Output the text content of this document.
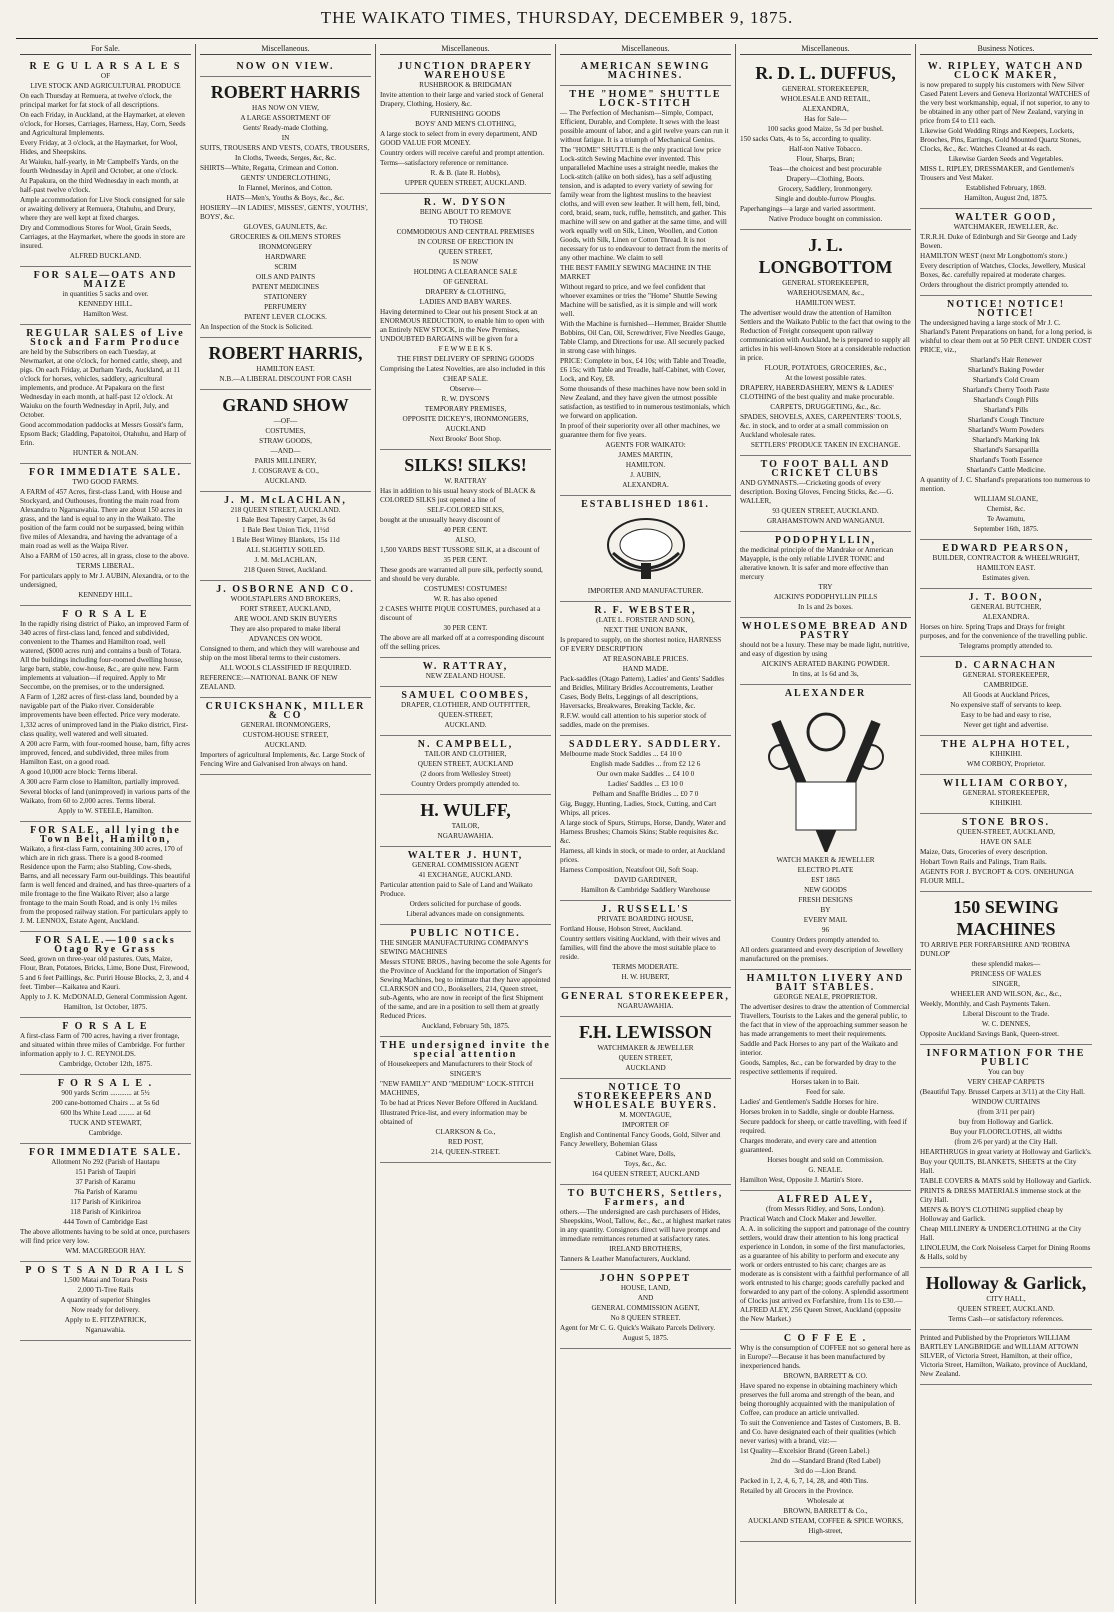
THE WAIKATO TIMES, THURSDAY, DECEMBER 9, 1875.
For Sale.

R E G U L A R S A L E S

OF

LIVE STOCK AND AGRICULTURAL PRODUCE

On each Thursday at Remuera, at twelve o'clock, the principal market for fat stock of all descriptions.

On each Friday, in Auckland, at the Haymarket, at eleven o'clock, for Horses, Carriages, Harness, Hay, Corn, Seeds and Agricultural Implements.

Every Friday, at 3 o'clock, at the Haymarket, for Wool, Hides, and Sheepskins.

At Waiuku, half-yearly, in Mr Campbell's Yards, on the fourth Wednesday in April and October, at one o'clock.

At Papakura, on the third Wednesday in each month, at half-past twelve o'clock.

Ample accommodation for Live Stock consigned for sale or awaiting delivery at Remuera, Otahuhu, and Drury, where they are well kept at fixed charges.

Dry and Commodious Stores for Wool, Grain Seeds, Carriages, at the Haymarket, where the goods in store are insured.

ALFRED BUCKLAND.

FOR SALE—OATS AND MAIZE

in quantities 5 sacks and over.

KENNEDY HILL.

Hamilton West.

REGULAR SALES of Live Stock and Farm Produce

are held by the Subscribers on each Tuesday, at Newmarket, at one o'clock, for horned cattle, sheep, and pigs. On each Friday, at Durham Yards, Auckland, at 11 o'clock for horses, vehicles, saddlery, agricultural implements, and produce. At Papakura on the first Wednesday in each month, at half-past 12 o'clock. At Waiuku on the fourth Wednesday in April, July, and October.

Good accommodation paddocks at Messrs Gossit's farm, Epsom Back; Gladding, Papatoitoi, Otahuhu, and Harp of Erin.

HUNTER & NOLAN.

FOR IMMEDIATE SALE.

TWO GOOD FARMS.

A FARM of 457 Acres, first-class Land, with House and Stockyard, and Outhouses, fronting the main road from Alexandra to Ngaruawahia. There are about 150 acres in grass, and the land is equal to any in the Waikato. The position of the farm could not be surpassed, being within five miles of Alexandra, and having the advantage of a main road as well as the Waipa River.

Also a FARM of 150 acres, all in grass, close to the above.

TERMS LIBERAL.

For particulars apply to Mr J. AUBIN, Alexandra, or to the undersigned,

KENNEDY HILL.

F O R S A L E

In the rapidly rising district of Piako, an improved Farm of 340 acres of first-class land, fenced and subdivided, convenient to the Thames and Hamilton road, well watered, ($000 acres run) and contains a bush of Totara. All the buildings including four-roomed dwelling house, large barn, stable, cow-house, &c., are quite new. Farm implements at valuation—if required. Apply to Mr Seccombe, on the premises, or to the undersigned.

A Farm of 1,282 acres of first-class land, bounded by a navigable part of the Piako river. Considerable improvements have been effected. Price very moderate.

1,332 acres of unimproved land in the Piako district, First-class quality, well watered and well situated.

A 200 acre Farm, with four-roomed house, barn, fifty acres improved, fenced, and subdivided, three miles from Hamilton East, on a good road.

A good 10,000 acre block: Terms liberal.

A 300 acre Farm close to Hamilton, partially improved.

Several blocks of land (unimproved) in various parts of the Waikato, from 60 to 2,000 acres. Terms liberal.

Apply to W. STEELE, Hamilton.

FOR SALE, all lying the Town Belt, Hamilton,

Waikato, a first-class Farm, containing 300 acres, 170 of which are in rich grass. There is a good 8-roomed Residence upon the Farm; also Stabling, Cow-sheds, Barns, and all necessary Farm out-buildings. This beautiful farm is well fenced and drained, and has three-quarters of a mile frontage to the fine Waikato River; also a large frontage to the main South Road, and is only 1½ miles from the proposed railway station. For particulars apply to J. M. LENNOX, Estate Agent, Auckland.

FOR SALE.—100 sacks Otago Rye Grass

Seed, grown on three-year old pastures. Oats, Maize, Flour, Bran, Potatoes, Bricks, Lime, Bone Dust, Firewood,

5 and 6 feet Paillings, &c. Puriri House Blocks, 2, 3, and 4 feet. Timber—Kaikatea and Kauri.

Apply to J. K. McDONALD, General Commission Agent.

Hamilton, 1st October, 1875.

F O R S A L E

A first-class Farm of 700 acres, having a river frontage, and situated within three miles of Cambridge. For further information apply to J. C. REYNOLDS.

Cambridge, October 12th, 1875.

F O R S A L E .

900 yards Scrim ............ at 5½

200 cane-bottomed Chairs ... at 5s 6d

600 lbs White Lead ......... at 6d

TUCK AND STEWART,

Cambridge.

FOR IMMEDIATE SALE.

Allotment No 292 (Parish of Hautapu

151 Parish of Taupiri

37 Parish of Karamu

76a Parish of Karamu

117 Parish of Kirikiriroa

118 Parish of Kirikiriroa

444 Town of Cambridge East

The above allotments having to be sold at once, purchasers will find price very low.

WM. MACGREGOR HAY.

P O S T S A N D R A I L S

1,500 Matai and Totara Posts

2,000 Ti-Tree Rails

A quantity of superior Shingles

Now ready for delivery.

Apply to E. FITZPATRICK,

Ngaruawahia.

Miscellaneous.

NOW ON VIEW.

ROBERT HARRIS

HAS NOW ON VIEW,

A LARGE ASSORTMENT OF

Gents' Ready-made Clothing,

IN

SUITS, TROUSERS AND VESTS, COATS, TROUSERS,

In Cloths, Tweeds, Serges, &c, &c.

SHIRTS—White, Regatta, Crimean and Cotton.

GENTS' UNDERCLOTHING,

In Flannel, Merinos, and Cotton.

HATS—Men's, Youths & Boys, &c., &c.

HOSIERY—IN LADIES', MISSES', GENTS', YOUTHS', BOYS', &c.

GLOVES, GAUNLETS, &c.

GROCERIES & OILMEN'S STORES

IRONMONGERY

HARDWARE

SCRIM

OILS AND PAINTS

PATENT MEDICINES

STATIONERY

PERFUMERY

PATENT LEVER CLOCKS.

An Inspection of the Stock is Solicited.

ROBERT HARRIS,

HAMILTON EAST.

N.B.—A LIBERAL DISCOUNT FOR CASH

GRAND SHOW

—OF—

COSTUMES,

STRAW GOODS,

—AND—

PARIS MILLINERY,

J. COSGRAVE & CO.,

AUCKLAND.

J. M. McLACHLAN,

218 QUEEN STREET, AUCKLAND.

1 Bale Best Tapestry Carpet, 3s 6d

1 Bale Best Union Tick, 11½d

1 Bale Best Witney Blankets, 15s 11d

ALL SLIGHTLY SOILED.

J. M. McLACHLAN,

218 Queen Street, Auckland.

J. OSBORNE AND CO.

WOOLSTAPLERS AND BROKERS,

FORT STREET, AUCKLAND,

ARE WOOL AND SKIN BUYERS

They are also prepared to make liberal

ADVANCES ON WOOL

Consigned to them, and which they will warehouse and ship on the most liberal terms to their customers.

ALL WOOLS CLASSIFIED IF REQUIRED.

REFERENCE:—NATIONAL BANK OF NEW ZEALAND.

CRUICKSHANK, MILLER & CO

GENERAL IRONMONGERS,

CUSTOM-HOUSE STREET,

AUCKLAND.

Importers of agricultural Implements, &c. Large Stock of Fencing Wire and Galvanised Iron always on hand.

Miscellaneous.

JUNCTION DRAPERY WAREHOUSE

RUSHBROOK & BRIDGMAN

Invite attention to their large and varied stock of General Drapery, Clothing, Hosiery, &c.

FURNISHING GOODS

BOYS' AND MEN'S CLOTHING,

A large stock to select from in every department, AND GOOD VALUE FOR MONEY.

Country orders will receive careful and prompt attention.

Terms—satisfactory reference or remittance.

R. & B. (late R. Hobbs),

UPPER QUEEN STREET, AUCKLAND.

R. W. DYSON

BEING ABOUT TO REMOVE

TO THOSE

COMMODIOUS AND CENTRAL PREMISES

IN COURSE OF ERECTION IN

QUEEN STREET,

IS NOW

HOLDING A CLEARANCE SALE

OF GENERAL

DRAPERY & CLOTHING,

LADIES AND BABY WARES.

Having determined to Clear out his present Stock at an ENORMOUS REDUCTION, to enable him to open with an Entirely NEW STOCK, in the New Premises, UNDOUBTED BARGAINS will be given for a

F E W W E E K S.

THE FIRST DELIVERY OF SPRING GOODS

Comprising the Latest Novelties, are also included in this

CHEAP SALE.

Observe—

R. W. DYSON'S

TEMPORARY PREMISES,

OPPOSITE DICKEY'S, IRONMONGERS,

AUCKLAND

Next Brooks' Boot Shop.

SILKS! SILKS!

W. RATTRAY

Has in addition to his usual heavy stock of BLACK & COLORED SILKS just opened a line of

SELF-COLORED SILKS,

bought at the unusually heavy discount of

40 PER CENT.

ALSO,

1,500 YARDS BEST TUSSORE SILK, at a discount of

35 PER CENT.

These goods are warranted all pure silk, perfectly sound, and should be very durable.

COSTUMES! COSTUMES!

W. R. has also opened

2 CASES WHITE PIQUE COSTUMES, purchased at a discount of

30 PER CENT.

The above are all marked off at a corresponding discount off the selling prices.

W. RATTRAY,

NEW ZEALAND HOUSE.

SAMUEL COOMBES,

DRAPER, CLOTHIER, AND OUTFITTER,

QUEEN-STREET,

AUCKLAND.

N. CAMPBELL,

TAILOR AND CLOTHIER,

QUEEN STREET, AUCKLAND

(2 doors from Wellesley Street)

Country Orders promptly attended to.

H. WULFF,

TAILOR,

NGARUAWAHIA.

WALTER J. HUNT,

GENERAL COMMISSION AGENT

41 EXCHANGE, AUCKLAND.

Particular attention paid to Sale of Land and Waikato Produce.

Orders solicited for purchase of goods.

Liberal advances made on consignments.

PUBLIC NOTICE.

THE SINGER MANUFACTURING COMPANY'S SEWING MACHINES

Messrs STONE BROS., having become the sole Agents for the Province of Auckland for the importation of Singer's Sewing Machines, beg to intimate that they have appointed CLARKSON and CO., Booksellers, 214, Queen street, sub-Agents, who are now in receipt of the first Shipment of the same, and are in a position to sell them at greatly Reduced Prices.

Auckland, February 5th, 1875.

THE undersigned invite the special attention

of Housekeepers and Manufacturers to their Stock of

SINGER'S

"NEW FAMILY" AND "MEDIUM" LOCK-STITCH MACHINES,

To be had at Prices Never Before Offered in Auckland.

Illustrated Price-list, and every information may be obtained of

CLARKSON & Co.,

RED POST,

214, QUEEN-STREET.

Miscellaneous.

AMERICAN SEWING MACHINES.

THE "HOME" SHUTTLE LOCK-STITCH

— The Perfection of Mechanism—Simple, Compact, Efficient, Durable, and Complete. It sews with the least possible amount of labor, and a girl twelve years can run it without fatigue. It is a triumph of Mechanical Genius.

The "HOME" SHUTTLE is the only practical low price Lock-stitch Sewing Machine ever invented. This unparalleled Machine uses a straight needle, makes the Lock-stitch (alike on both sides), has a self adjusting tension, and is adapted to every variety of sewing for family wear from the lightest muslins to the heaviest cloths, and will even sew leather. It will hem, fell, bind, cord, braid, seam, tuck, ruffle, hemstitch, and gather. This machine will sew on and gather at the same time, and will work equally well on Silk, Linen, Woollen, and Cotton Goods, with Silk, Linen or Cotton Thread. It is not necessary for us to endeavour to detract from the merits of any other machine. We claim to sell

THE BEST FAMILY SEWING MACHINE IN THE MARKET

Without regard to price, and we feel confident that whoever examines or tries the "Home" Shuttle Sewing Machine will be satisfied, as it is simple and will work well.

With the Machine is furnished—Hemmer, Braider Shuttle Bobbins, Oil Can, Oil, Screwdriver, Five Needles Gauge, Table Clamp, and Directions for use. All securely packed in strong case with hinges.

PRICE: Complete in box, £4 10s; with Table and Treadle, £6 15s; with Table and Treadle, half-Cabinet, with Cover, Lock, and Key, £8.

Some thousands of these machines have now been sold in New Zealand, and they have given the utmost possible satisfaction, as testified to in numerous testimonials, which we forward on application.

In proof of their superiority over all other machines, we guarantee them for five years.

AGENTS FOR WAIKATO:

JAMES MARTIN,

HAMILTON.

J. AUBIN,

ALEXANDRA.

ESTABLISHED 1861.

IMPORTER AND MANUFACTURER.

R. F. WEBSTER,

(LATE L. FORSTER AND SON),

NEXT THE UNION BANK,

Is prepared to supply, on the shortest notice, HARNESS OF EVERY DESCRIPTION

AT REASONABLE PRICES.

HAND MADE.

Pack-saddles (Otago Pattern), Ladies' and Gents' Saddles and Bridles, Military Bridles Accoutrements, Leather Cases, Body Belts, Leggings of all descriptions, Haversacks, Breakwares, Breaking Tackle, &c.

R.F.W. would call attention to his superior stock of saddles, made on the premises.

SADDLERY. SADDLERY.

Melbourne made Stock Saddles ... £4 10 0

English made Saddles ... from £2 12 6

Our own make Saddles ... £4 10 0

Ladies' Saddles ... £3 10 0

Pelham and Snaffle Bridles ... £0 7 0

Gig, Buggy, Hunting, Ladies, Stock, Cutting, and Cart Whips, all prices.

A large stock of Spurs, Stirrups, Horse, Dandy, Water and Harness Brushes; Chamois Skins; Stable requisites &c. &c.

Harness, all kinds in stock, or made to order, at Auckland prices.

Harness Composition, Neatsfoot Oil, Soft Soap.

DAVID GARDINER,

Hamilton & Cambridge Saddlery Warehouse

J. RUSSELL'S

PRIVATE BOARDING HOUSE,

Fortland House, Hobson Street, Auckland.

Country settlers visiting Auckland, with their wives and families, will find the above the most suitable place to reside.

TERMS MODERATE.

H. W. HUBERT,

GENERAL STOREKEEPER,

NGARUAWAHIA.

F.H. LEWISSON

WATCHMAKER & JEWELLER

QUEEN STREET,

AUCKLAND

NOTICE TO STOREKEEPERS AND WHOLESALE BUYERS.

M. MONTAGUE,

IMPORTER OF

English and Continental Fancy Goods, Gold, Silver and Fancy Jewellery, Bohemian Glass

Cabinet Ware, Dolls,

Toys, &c., &c.

164 QUEEN STREET, AUCKLAND

TO BUTCHERS, Settlers, Farmers, and

others.—The undersigned are cash purchasers of Hides, Sheepskins, Wool, Tallow, &c., &c., at highest market rates in any quantity. Consignors direct will have prompt and immediate remittances returned at satisfactory rates.

IRELAND BROTHERS,

Tanners & Leather Manufacturers, Auckland.

JOHN SOPPET

HOUSE, LAND,

AND

GENERAL COMMISSION AGENT,

No 8 QUEEN STREET.

Agent for Mr C. G. Quick's Waikato Parcels Delivery.

August 5, 1875.

Miscellaneous.

R. D. L. DUFFUS,

GENERAL STOREKEEPER,

WHOLESALE AND RETAIL,

ALEXANDRA,

Has for Sale—

100 sacks good Maize, 5s 3d per bushel.

150 sacks Oats, 4s to 5s, according to quality.

Half-ton Native Tobacco.

Flour, Sharps, Bran;

Teas—the choicest and best procurable

Drapery—Clothing, Boots.

Grocery, Saddlery, Ironmongery.

Single and double-furrow Ploughs.

Paperhangings—a large and varied assortment.

Native Produce bought on commission.

J. L. LONGBOTTOM

GENERAL STOREKEEPER,

WAREHOUSEMAN, &c.,

HAMILTON WEST.

The advertiser would draw the attention of Hamilton Settlers and the Waikato Public to the fact that owing to the Reduction of Freight consequent upon railway communication with Auckland, he is prepared to supply all articles in his well-known Store at a considerable reduction in price.

FLOUR, POTATOES, GROCERIES, &c.,

At the lowest possible rates.

DRAPERY, HABERDASHERY, MEN'S & LADIES' CLOTHING of the best quality and make procurable.

CARPETS, DRUGGETING, &c., &c.

SPADES, SHOVELS, AXES, CARPENTERS' TOOLS, &c. in stock, and to order at a small commission on Auckland wholesale rates.

SETTLERS' PRODUCE TAKEN IN EXCHANGE.

TO FOOT BALL AND CRICKET CLUBS

AND GYMNASTS.—Cricketing goods of every description. Boxing Gloves, Fencing Sticks, &c.—G. WALLER,

93 QUEEN STREET, AUCKLAND.

GRAHAMSTOWN AND WANGANUI.

PODOPHYLLIN,

the medicinal principle of the Mandrake or American Mayapple, is the only reliable LIVER TONIC and alterative known. It is safer and more effective than mercury

TRY

AICKIN'S PODOPHYLLIN PILLS

In 1s and 2s boxes.

WHOLESOME BREAD AND PASTRY

should not be a luxury. These may be made light, nutritive, and easy of digestion by using

AICKIN'S AERATED BAKING POWDER.

In tins, at 1s 6d and 3s,

ALEXANDER

WATCH MAKER & JEWELLER

ELECTRO PLATE

EST 1865

NEW GOODS

FRESH DESIGNS

BY

EVERY MAIL

96

Country Orders promptly attended to.

All orders guaranteed and every description of Jewellery manufactured on the premises.

HAMILTON LIVERY AND BAIT STABLES.

GEORGE NEALE, PROPRIETOR.

The advertiser desires to draw the attention of Commercial Travellers, Tourists to the Lakes and the general public, to the fact that in view of the approaching summer season he has made arrangements to meet their requirements.

Saddle and Pack Horses to any part of the Waikato and interior.

Goods, Samples, &c., can be forwarded by dray to the respective settlements if required.

Horses taken in to Bait.

Feed for sale.

Ladies' and Gentlemen's Saddle Horses for hire.

Horses broken in to Saddle, single or double Harness.

Secure paddock for sheep, or cattle travelling, with feed if required.

Charges moderate, and every care and attention guaranteed.

Horses bought and sold on Commission.

G. NEALE.

Hamilton West, Opposite J. Martin's Store.

ALFRED ALEY,

(from Messrs Ridley, and Sons, London).

Practical Watch and Clock Maker and Jeweller.

A. A. in soliciting the support and patronage of the country settlers, would draw their attention to his long practical experience in London, in some of the first manufactories, as a guarantee of his ability to perform and execute any work or orders entrusted to his care; charges are as moderate as is consistent with a faithful performance of all work entrusted to his charge; goods carefully packed and forwarded to any part of the colony. A splendid assortment of Clocks just arrived ex Forfarshire, from 11s to £30.—ALFRED ALEY, 256 Queen Street, Auckland (opposite the New Market.)

C O F F E E .

Why is the consumption of COFFEE not so general here as in Europe?—Because it has been manufactured by inexperienced hands.

BROWN, BARRETT & CO.

Have spared no expense in obtaining machinery which preserves the full aroma and strength of the bean, and being thoroughly acquainted with the manipulation of Coffee, can produce an article unrivalled.

To suit the Convenience and Tastes of Customers, B. B. and Co. have designated each of their qualities (which never varies) with a brand, viz:—

1st Quality—Excelsior Brand (Green Label.)

2nd do —Standard Brand (Red Label)

3rd do —Lion Brand.

Packed in 1, 2, 4, 6, 7, 14, 28, and 40th Tins.

Retailed by all Grocers in the Province.

Wholesale at

BROWN, BARRETT & Co.,

AUCKLAND STEAM, COFFEE & SPICE WORKS,

High-street,

Business Notices.

W. RIPLEY, WATCH AND CLOCK MAKER,

is now prepared to supply his customers with New Silver Cased Patent Levers and Geneva Horizontal WATCHES of the very best workmanship, equal, if not superior, to any to be obtained in any other part of New Zealand, varying in price from £4 to £11 each.

Likewise Gold Wedding Rings and Keepers, Lockets, Brooches, Pins, Earrings, Gold Mounted Quartz Stones, Clocks, &c., &c. Watches Cleaned at 4s each.

Likewise Garden Seeds and Vegetables.

MISS L. RIPLEY, DRESSMAKER, and Gentlemen's Trousers and Vest Maker.

Established February, 1869.

Hamilton, August 2nd, 1875.

WALTER GOOD,

WATCHMAKER, JEWELLER, &c.

T.R.R.H. Duke of Edinburgh and Sir George and Lady Bowen.

HAMILTON WEST (next Mr Longbottom's store.)

Every description of Watches, Clocks, Jewellery, Musical Boxes, &c. carefully repaired at moderate charges.

Orders throughout the district promptly attended to.

NOTICE! NOTICE! NOTICE!

The undersigned having a large stock of Mr J. C. Sharland's Patent Preparations on hand, for a long period, is wishful to clear them out at 50 PER CENT. UNDER COST PRICE, viz.,

Sharland's Hair Renewer

Sharland's Baking Powder

Sharland's Cold Cream

Sharland's Cherry Tooth Paste

Sharland's Cough Pills

Sharland's Pills

Sharland's Cough Tincture

Sharland's Worm Powders

Sharland's Marking Ink

Sharland's Sarsaparilla

Sharland's Tooth Essence

Sharland's Cattle Medicine.

A quantity of J. C. Sharland's preparations too numerous to mention.

WILLIAM SLOANE,

Chemist, &c.

Te Awamutu,

September 16th, 1875.

EDWARD PEARSON,

BUILDER, CONTRACTOR & WHEELWRIGHT,

HAMILTON EAST.

Estimates given.

J. T. BOON,

GENERAL BUTCHER,

ALEXANDRA.

Horses on hire. Spring Traps and Drays for freight purposes, and for the convenience of the travelling public.

Telegrams promptly attended to.

D. CARNACHAN

GENERAL STOREKEEPER,

CAMBRIDGE.

All Goods at Auckland Prices,

No expensive staff of servants to keep.

Easy to be had and easy to rise,

Never get tight and advertise.

THE ALPHA HOTEL,

KIHIKIHI.

WM CORBOY, Proprietor.

WILLIAM CORBOY,

GENERAL STOREKEEPER,

KIHIKIHI.

STONE BROS.

QUEEN-STREET, AUCKLAND,

HAVE ON SALE

Maize, Oats, Groceries of every description.

Hobart Town Rails and Palings, Tram Rails.

AGENTS FOR J. BYCROFT & CO'S. ONEHUNGA FLOUR MILL.

150 SEWING MACHINES

TO ARRIVE PER FORFARSHIRE AND 'ROBINA DUNLOP'

these splendid makes—

PRINCESS OF WALES

SINGER,

WHEELER AND WILSON, &c., &c.,

Weekly, Monthly, and Cash Payments Taken.

Liberal Discount to the Trade.

W. C. DENNES,

Opposite Auckland Savings Bank, Queen-street.

INFORMATION FOR THE PUBLIC

You can buy

VERY CHEAP CARPETS

(Beautiful Tapy. Brussel Carpets at 3/11) at the City Hall.

WINDOW CURTAINS

(from 3/11 per pair)

buy from Holloway and Garlick.

Buy your FLOORCLOTHS, all widths

(from 2/6 per yard) at the City Hall.

HEARTHRUGS in great variety at Holloway and Garlick's.

Buy your QUILTS, BLANKETS, SHEETS at the City Hall.

TABLE COVERS & MATS sold by Holloway and Garlick.

PRINTS & DRESS MATERIALS immense stock at the City Hall.

MEN'S & BOY'S CLOTHING supplied cheap by Holloway and Garlick.

Cheap MILLINERY & UNDERCLOTHING at the City Hall.

LINOLEUM, the Cork Noiseless Carpet for Dining Rooms & Halls, sold by

Holloway & Garlick,

CITY HALL,

QUEEN STREET, AUCKLAND.

Terms Cash—or satisfactory references.

Printed and Published by the Proprietors WILLIAM BARTLEY LANGBRIDGE and WILLIAM ATTOWN SILVER, of Victoria Street, Hamilton, at their office, Victoria Street, Hamilton, Waikato, province of Auckland, New Zealand.
